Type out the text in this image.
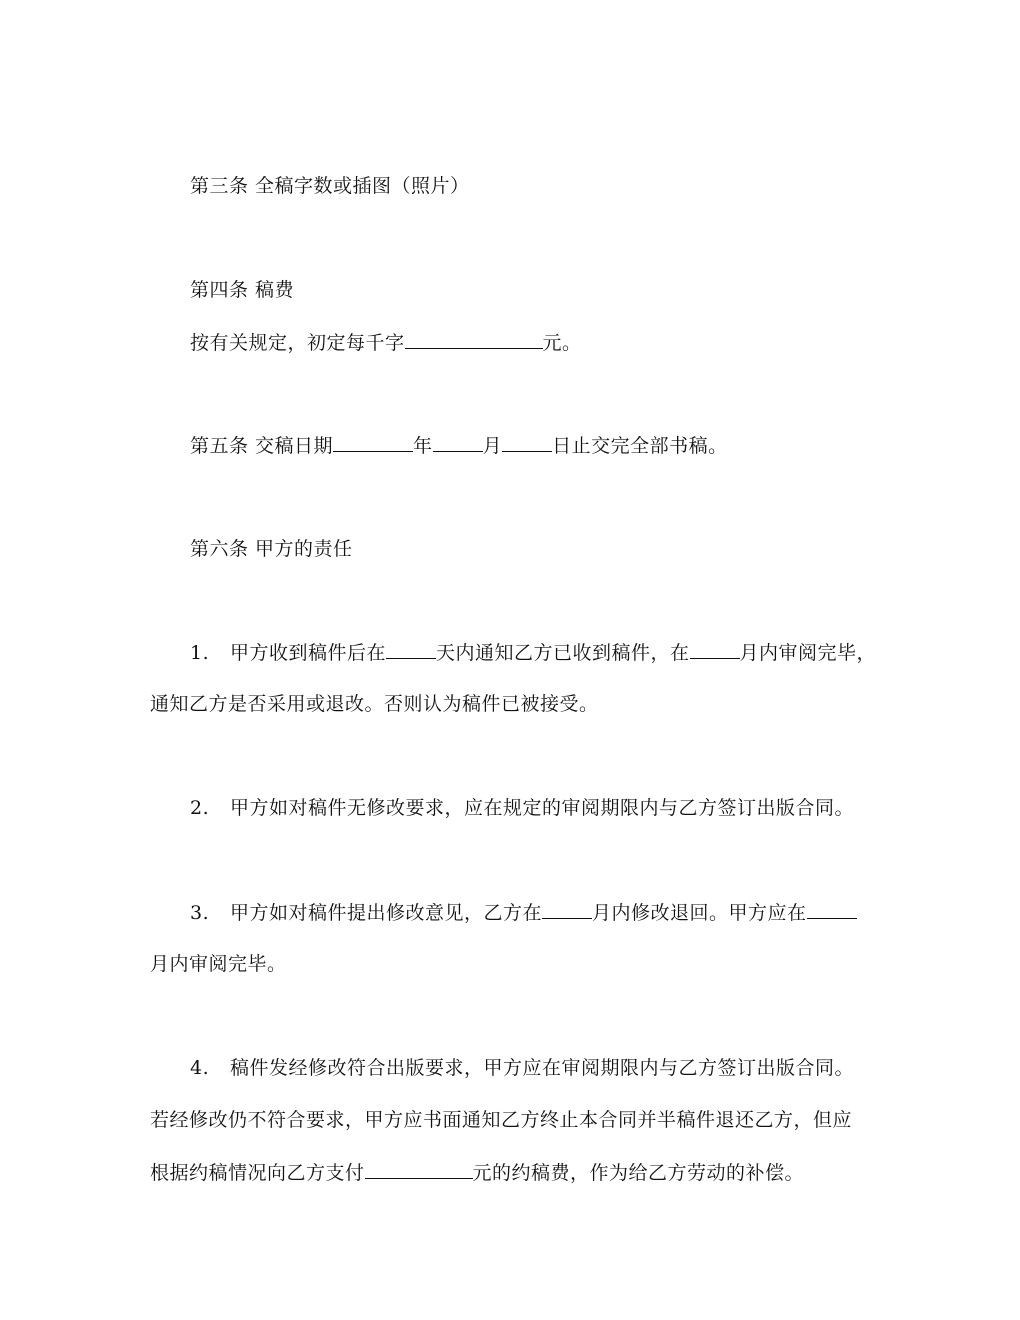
第三条 全稿字数或插图（照片）
第四条 稿费
按有关规定，初定每千字	元。
第五条 交稿日期	年	月	日止交完全部书稿。
第六条 甲方的责任
1. 甲方收到稿件后在	天内通知乙方已收到稿件，在	月内审阅完毕，
通知乙方是否采用或退改。否则认为稿件已被接受。
2. 甲方如对稿件无修改要求，应在规定的审阅期限内与乙方签订出版合同。
3. 甲方如对稿件提出修改意见，乙方在	月内修改退回。甲方应在
月内审阅完毕。
4. 稿件发经修改符合出版要求，甲方应在审阅期限内与乙方签订出版合同。
若经修改仍不符合要求，甲方应书面通知乙方终止本合同并半稿件退还乙方，但应
根据约稿情况向乙方支付	元的约稿费，作为给乙方劳动的补偿。
